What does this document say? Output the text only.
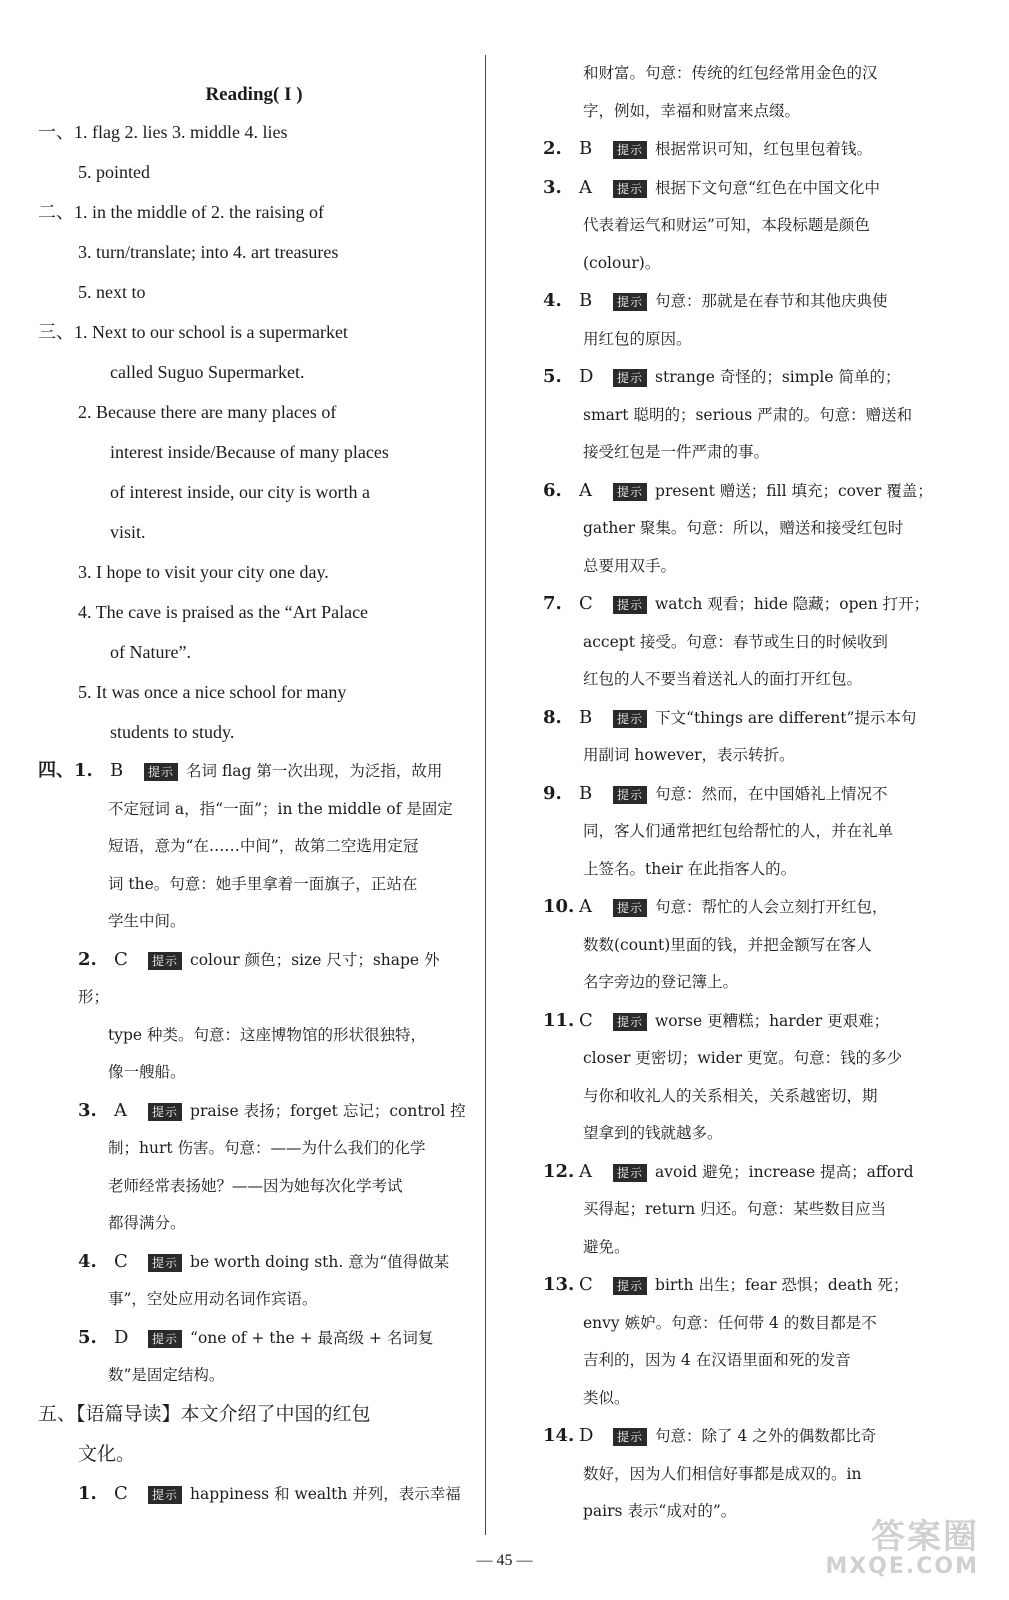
Reading( I )
一、1. flag 2. lies 3. middle 4. lies
5. pointed
二、1. in the middle of 2. the raising of
3. turn/translate; into 4. art treasures
5. next to
三、1. Next to our school is a supermarket
called Suguo Supermarket.
2. Because there are many places of
interest inside/Because of many places
of interest inside, our city is worth a
visit.
3. I hope to visit your city one day.
4. The cave is praised as the “Art Palace
of Nature”.
5. It was once a nice school for many
students to study.
四、1. B 提示 名词 flag 第一次出现，为泛指，故用
不定冠词 a，指“一面”；in the middle of 是固定
短语，意为“在……中间”，故第二空选用定冠
词 the。句意：她手里拿着一面旗子，正站在
学生中间。
2. C 提示 colour 颜色；size 尺寸；shape 外形；
type 种类。句意：这座博物馆的形状很独特，
像一艘船。
3. A 提示 praise 表扬；forget 忘记；control 控
制；hurt 伤害。句意：——为什么我们的化学
老师经常表扬她？——因为她每次化学考试
都得满分。
4. C 提示 be worth doing sth. 意为“值得做某
事”，空处应用动名词作宾语。
5. D 提示 “one of + the + 最高级 + 名词复
数”是固定结构。
五、【语篇导读】本文介绍了中国的红包
文化。
1. C 提示 happiness 和 wealth 并列，表示幸福
和财富。句意：传统的红包经常用金色的汉
字，例如，幸福和财富来点缀。
2. B 提示 根据常识可知，红包里包着钱。
3. A 提示 根据下文句意“红色在中国文化中
代表着运气和财运”可知，本段标题是颜色
(colour)。
4. B 提示 句意：那就是在春节和其他庆典使
用红包的原因。
5. D 提示 strange 奇怪的；simple 简单的；
smart 聪明的；serious 严肃的。句意：赠送和
接受红包是一件严肃的事。
6. A 提示 present 赠送；fill 填充；cover 覆盖；
gather 聚集。句意：所以，赠送和接受红包时
总要用双手。
7. C 提示 watch 观看；hide 隐藏；open 打开；
accept 接受。句意：春节或生日的时候收到
红包的人不要当着送礼人的面打开红包。
8. B 提示 下文“things are different”提示本句
用副词 however，表示转折。
9. B 提示 句意：然而，在中国婚礼上情况不
同，客人们通常把红包给帮忙的人，并在礼单
上签名。their 在此指客人的。
10. A 提示 句意：帮忙的人会立刻打开红包，
数数(count)里面的钱，并把金额写在客人
名字旁边的登记簿上。
11. C 提示 worse 更糟糕；harder 更艰难；
closer 更密切；wider 更宽。句意：钱的多少
与你和收礼人的关系相关，关系越密切，期
望拿到的钱就越多。
12. A 提示 avoid 避免；increase 提高；afford
买得起；return 归还。句意：某些数目应当
避免。
13. C 提示 birth 出生；fear 恐惧；death 死；
envy 嫉妒。句意：任何带 4 的数目都是不
吉利的，因为 4 在汉语里面和死的发音
类似。
14. D 提示 句意：除了 4 之外的偶数都比奇
数好，因为人们相信好事都是成双的。in
pairs 表示“成对的”。
— 45 —
答案圈
MXQE.COM
